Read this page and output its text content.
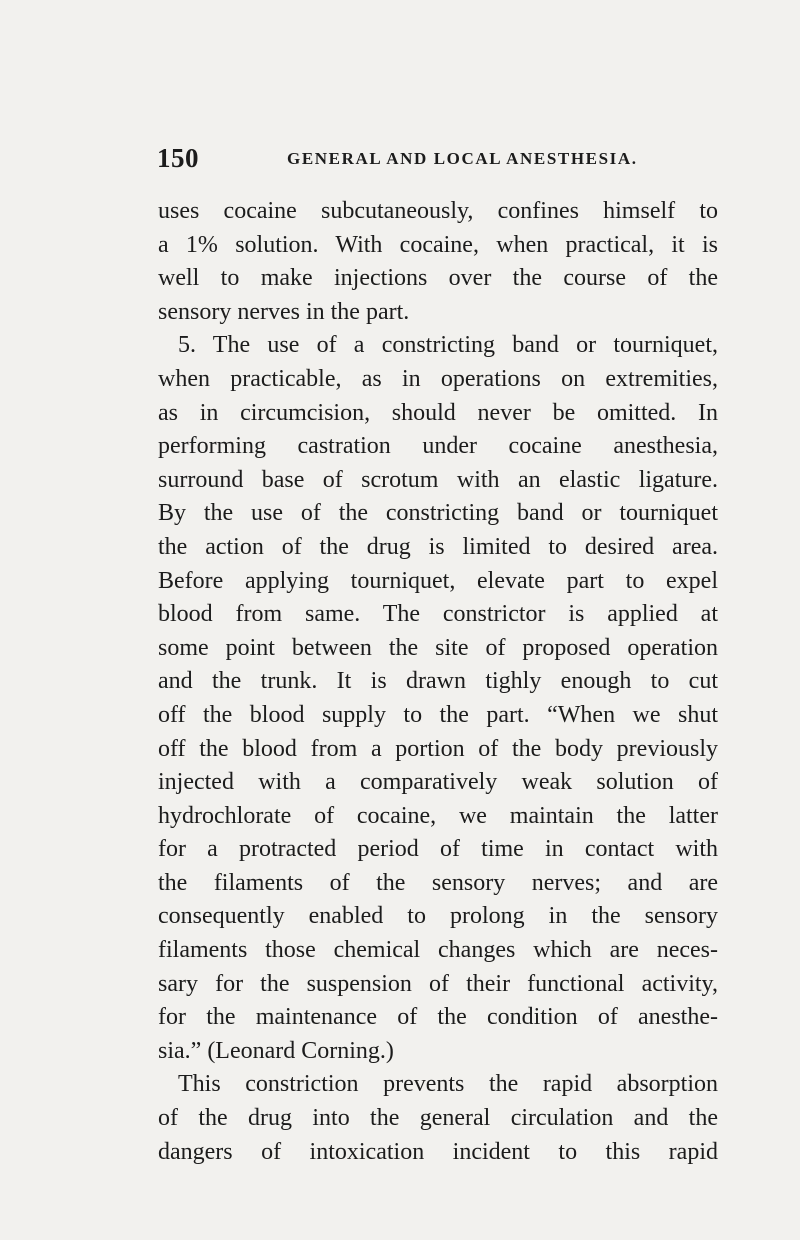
150	GENERAL AND LOCAL ANESTHESIA.
uses cocaine subcutaneously, confines himself to
a 1% solution. With cocaine, when practical, it is
well to make injections over the course of the
sensory nerves in the part.
5. The use of a constricting band or tourniquet,
when practicable, as in operations on extremities,
as in circumcision, should never be omitted. In
performing castration under cocaine anesthesia,
surround base of scrotum with an elastic ligature.
By the use of the constricting band or tourniquet
the action of the drug is limited to desired area.
Before applying tourniquet, elevate part to expel
blood from same. The constrictor is applied at
some point between the site of proposed operation
and the trunk. It is drawn tighly enough to cut
off the blood supply to the part. “When we shut
off the blood from a portion of the body previously
injected with a comparatively weak solution of
hydrochlorate of cocaine, we maintain the latter
for a protracted period of time in contact with
the filaments of the sensory nerves; and are
consequently enabled to prolong in the sensory
filaments those chemical changes which are neces-
sary for the suspension of their functional activity,
for the maintenance of the condition of anesthe-
sia.” (Leonard Corning.)
This constriction prevents the rapid absorption
of the drug into the general circulation and the
dangers of intoxication incident to this rapid
